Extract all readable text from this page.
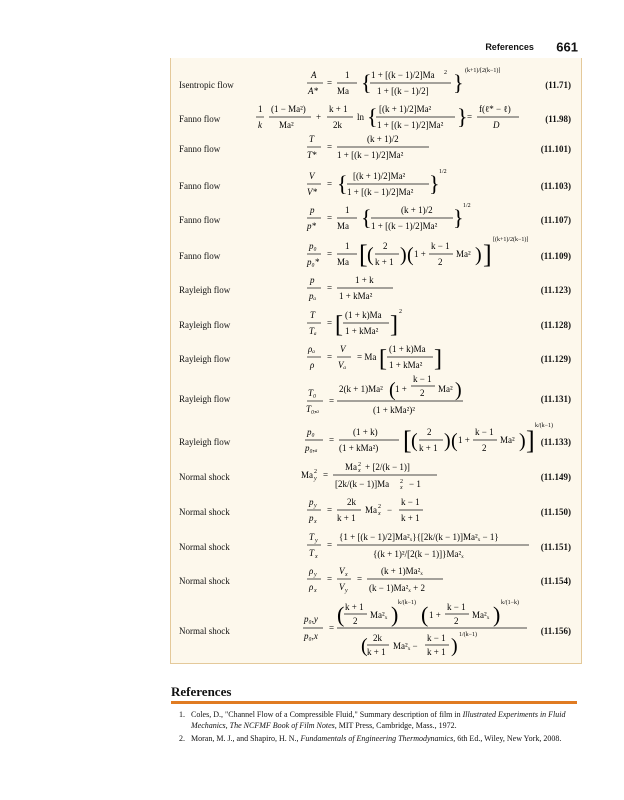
References 661
Isentropic flow
A
A*
=
1
Ma { 1 + [(k − 1)/2]Ma 2
1 + [(k − 1)/2] } (k+1)/[2(k−1)]
(11.71)
Fanno flow
1
k
(1 − Ma²)
Ma²
+
k + 1
2k
ln { [(k + 1)/2]Ma²
1 + [(k − 1)/2]Ma² } =
f(ℓ* − ℓ)
D
(11.98)
Fanno flow
T
T*
=
(k + 1)/2
1 + [(k − 1)/2]Ma²
(11.101)
Fanno flow
V
V*
= { [(k + 1)/2]Ma²
1 + [(k − 1)/2]Ma² } 1/2
(11.103)
Fanno flow
p
p*
=
1
Ma {	(k + 1)/2
1 + [(k − 1)/2]Ma² } 1/2
(11.107)
Fanno flow
p₀
p₀*
=
1
Ma [ ( 2
k + 1 ) ( 1 +
k − 1
2
Ma² ) ] [(k+1)/2(k−1)]
(11.109)
Rayleigh flow
p
pₐ
=
1 + k
1 + kMa²
(11.123)
Rayleigh flow
T
Tₐ
= [ (1 + k)Ma
1 + kMa² ] 2
(11.128)
Rayleigh flow
ρₐ
ρ
=
V
Vₐ
= Ma [ (1 + k)Ma
1 + kMa² ]	(11.129)
Rayleigh flow
T₀
T₀,ₐ
=
2(k + 1)Ma² ( 1 +
k − 1
2 Ma² )
(1 + kMa²)²
(11.131)
Rayleigh flow
p₀
p₀,ₐ
=
(1 + k)
(1 + kMa²) [ ( 2
k + 1 ) ( 1 +
k − 1
2
Ma² ) ] k/(k−1)
(11.133)
Normal shock	Ma y
2 =
Ma x
2 + [2/(k − 1)]
[2k/(k − 1)]Ma x
2 − 1
(11.149)
Normal shock
p y
p x
=
2k
k + 1
Ma x
2 −
k − 1
k + 1
(11.150)
Normal shock
T y
T x
=
{1 + [(k − 1)/2]Ma²ₓ}{[2k/(k − 1)]Ma²ₓ − 1}
{(k + 1)²/[2(k − 1)]}Ma²ₓ
(11.151)
Normal shock
ρ y
ρ x
=
V x
V y
=
(k + 1)Ma²ₓ
(k − 1)Ma²ₓ + 2
(11.154)
Normal shock
p₀,y
p₀,x
=
( k + 1
2
Ma²ₓ ) k/(k−1) ( 1 +
k − 1
2
Ma²ₓ ) k/(1−k)
( 2k
k + 1
Ma²ₓ −
k − 1
k + 1 ) 1/(k−1)	(11.156)
References
1. Coles, D., "Channel Flow of a Compressible Fluid," Summary description of film in Illustrated Experiments in Fluid Mechanics, The NCFMF Book of Film Notes, MIT Press, Cambridge, Mass., 1972.
2. Moran, M. J., and Shapiro, H. N., Fundamentals of Engineering Thermodynamics, 6th Ed., Wiley, New York, 2008.
